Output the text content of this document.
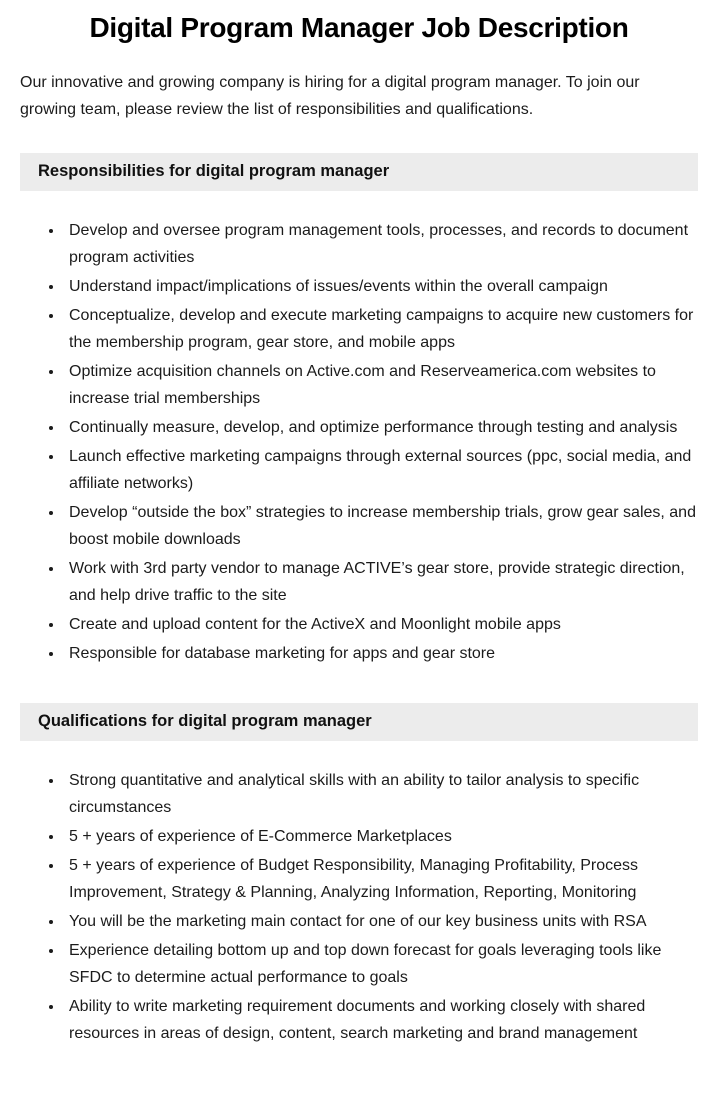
Digital Program Manager Job Description

Our innovative and growing company is hiring for a digital program manager. To join our growing team, please review the list of responsibilities and qualifications.

Responsibilities for digital program manager
• Develop and oversee program management tools, processes, and records to document program activities
• Understand impact/implications of issues/events within the overall campaign
• Conceptualize, develop and execute marketing campaigns to acquire new customers for the membership program, gear store, and mobile apps
• Optimize acquisition channels on Active.com and Reserveamerica.com websites to increase trial memberships
• Continually measure, develop, and optimize performance through testing and analysis
• Launch effective marketing campaigns through external sources (ppc, social media, and affiliate networks)
• Develop “outside the box” strategies to increase membership trials, grow gear sales, and boost mobile downloads
• Work with 3rd party vendor to manage ACTIVE’s gear store, provide strategic direction, and help drive traffic to the site
• Create and upload content for the ActiveX and Moonlight mobile apps
• Responsible for database marketing for apps and gear store
Qualifications for digital program manager
• Strong quantitative and analytical skills with an ability to tailor analysis to specific circumstances
• 5 + years of experience of E-Commerce Marketplaces
• 5 + years of experience of Budget Responsibility, Managing Profitability, Process Improvement, Strategy & Planning, Analyzing Information, Reporting, Monitoring
• You will be the marketing main contact for one of our key business units with RSA
• Experience detailing bottom up and top down forecast for goals leveraging tools like SFDC to determine actual performance to goals
• Ability to write marketing requirement documents and working closely with shared resources in areas of design, content, search marketing and brand management
